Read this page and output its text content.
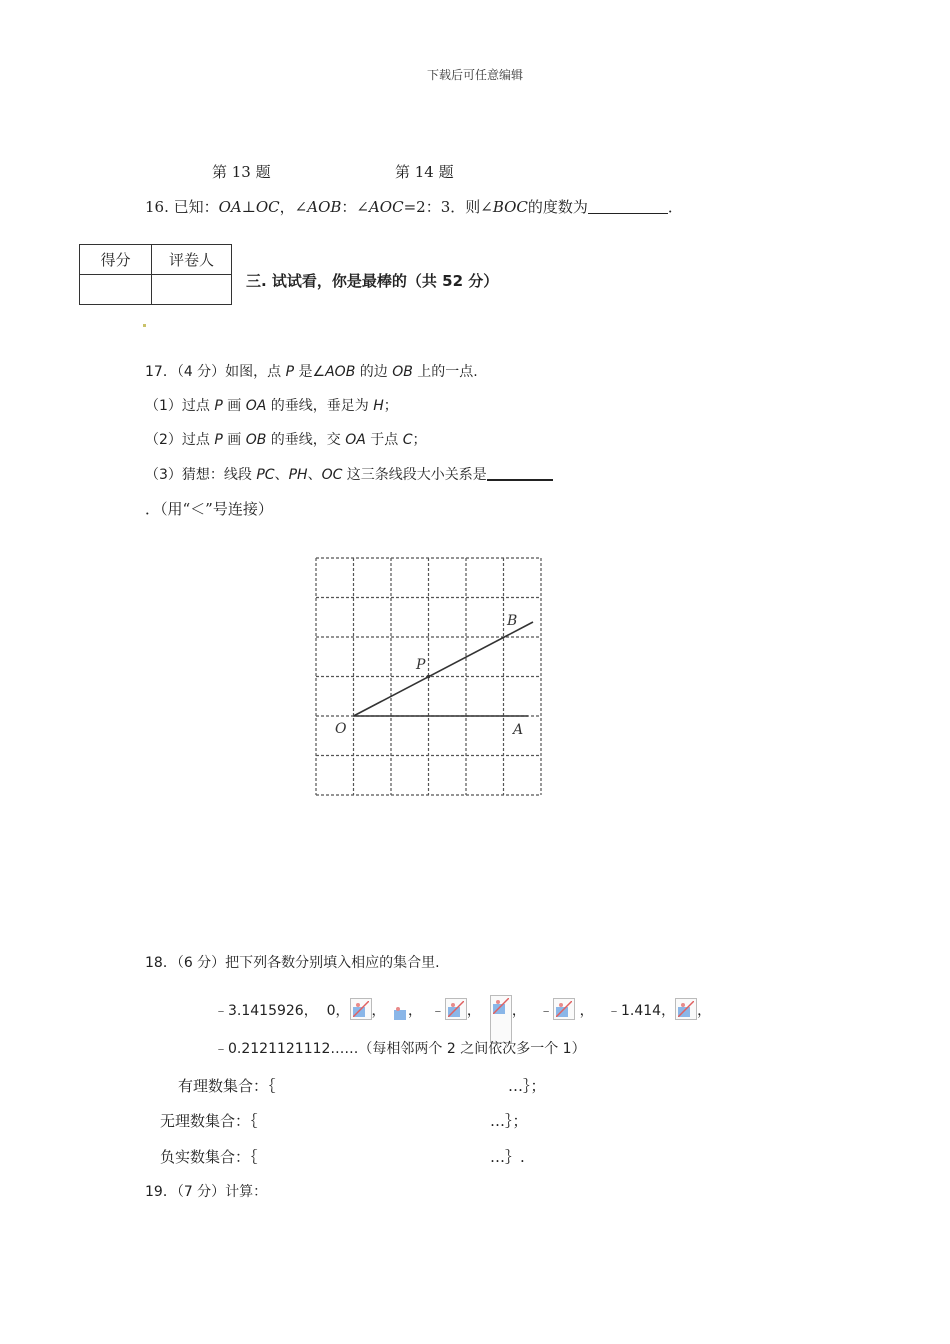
下载后可任意编辑
第 13 题	第 14 题
16. 已知：OA⊥OC，∠AOB：∠AOC=2：3．则∠BOC的度数为	．
得分	评卷人

三. 试试看，你是最棒的（共 52 分）
17．（4 分）如图，点 P 是∠AOB 的边 OB 上的一点.
（1）过点 P 画 OA 的垂线，垂足为 H；
（2）过点 P 画 OB 的垂线，交 OA 于点 C；
（3）猜想：线段 PC、PH、OC 这三条线段大小关系是
．（用“＜”号连接）
O	A
B
P
18．（6 分）把下列各数分别填入相应的集合里.
﹣3.1415926， 0， ， ， ﹣ ， ， ﹣ ， ﹣1.414， ，
﹣0.2121121112……（每相邻两个 2 之间依次多一个 1）
有理数集合：｛	…｝；
无理数集合：｛	…｝；
负实数集合：｛	…｝.
19．（7 分）计算：
